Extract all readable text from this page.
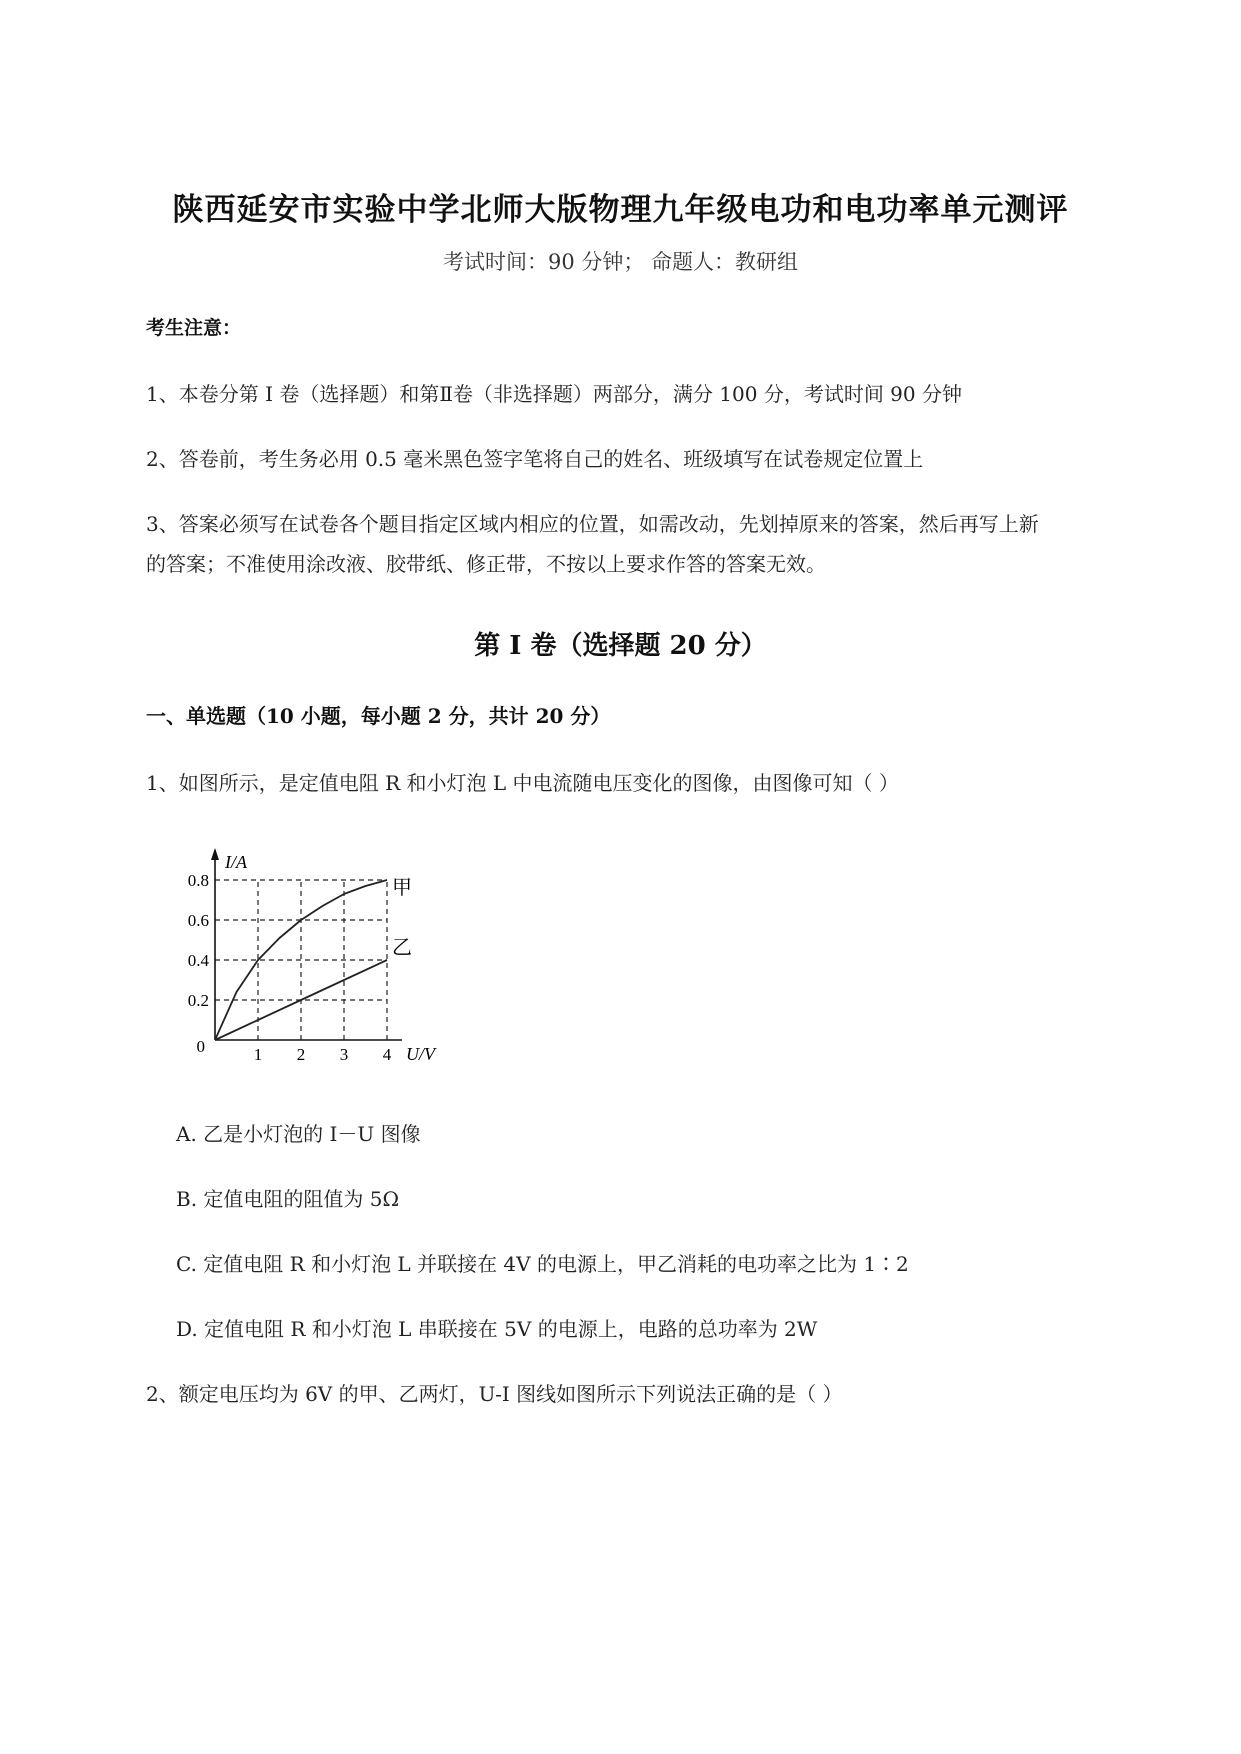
陕西延安市实验中学北师大版物理九年级电功和电功率单元测评
考试时间：90 分钟； 命题人：教研组
考生注意：
1、本卷分第 I 卷（选择题）和第Ⅱ卷（非选择题）两部分，满分 100 分，考试时间 90 分钟
2、答卷前，考生务必用 0.5 毫米黑色签字笔将自己的姓名、班级填写在试卷规定位置上
3、答案必须写在试卷各个题目指定区域内相应的位置，如需改动，先划掉原来的答案，然后再写上新
的答案；不准使用涂改液、胶带纸、修正带，不按以上要求作答的答案无效。
第 I 卷（选择题 20 分）
一、单选题（10 小题，每小题 2 分，共计 20 分）
1、如图所示，是定值电阻 R 和小灯泡 L 中电流随电压变化的图像，由图像可知（ ）
1 2 3 4
0.2
0.4
0.6
0.8
0
I/A
U/V
甲
乙
A. 乙是小灯泡的 I－U 图像
B. 定值电阻的阻值为 5Ω
C. 定值电阻 R 和小灯泡 L 并联接在 4V 的电源上，甲乙消耗的电功率之比为 1∶2
D. 定值电阻 R 和小灯泡 L 串联接在 5V 的电源上，电路的总功率为 2W
2、额定电压均为 6V 的甲、乙两灯，U-I 图线如图所示下列说法正确的是（ ）
